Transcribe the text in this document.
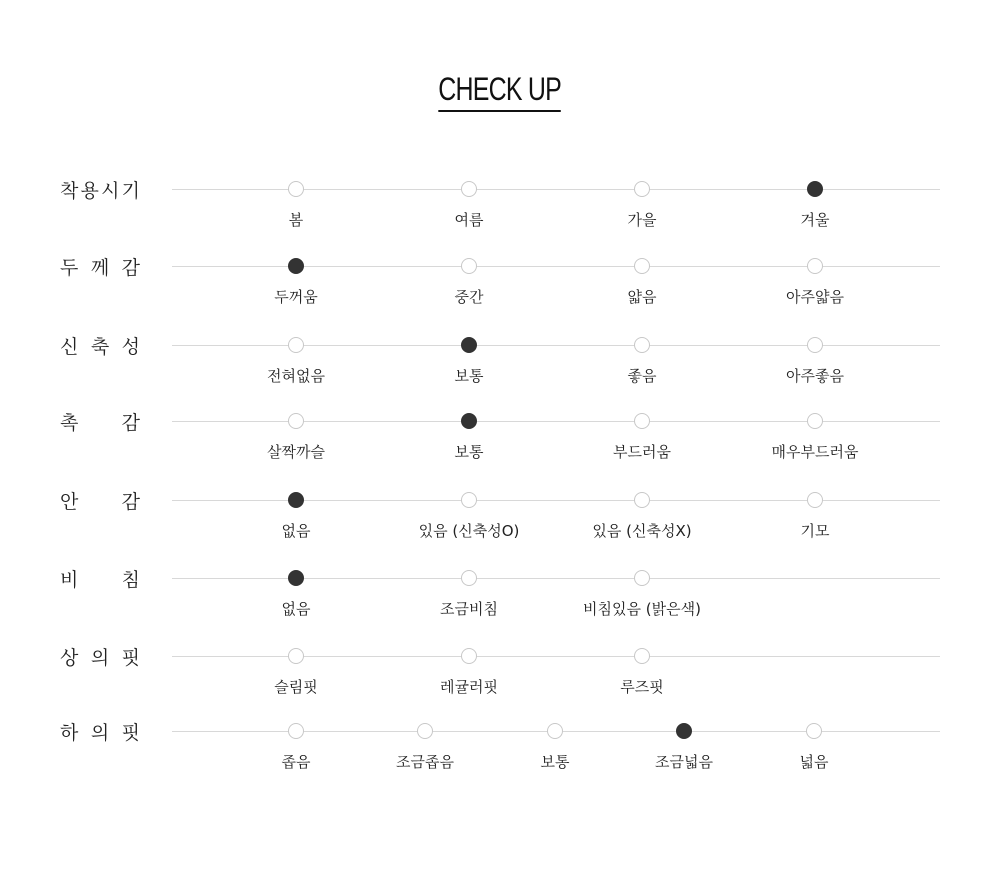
CHECK UP
착 용 시 기
봄	여름	가을	겨울
두 께 감
두꺼움	중간	얇음	아주얇음
신 축 성
전혀없음	보통	좋음	아주좋음
촉 감
살짝까슬	보통	부드러움	매우부드러움
안 감
없음	있음 (신축성O)	있음 (신축성X)	기모
비 침
없음	조금비침	비침있음 (밝은색)
상 의 핏
슬림핏	레귤러핏	루즈핏
하 의 핏
좁음	조금좁음	보통	조금넓음	넓음
